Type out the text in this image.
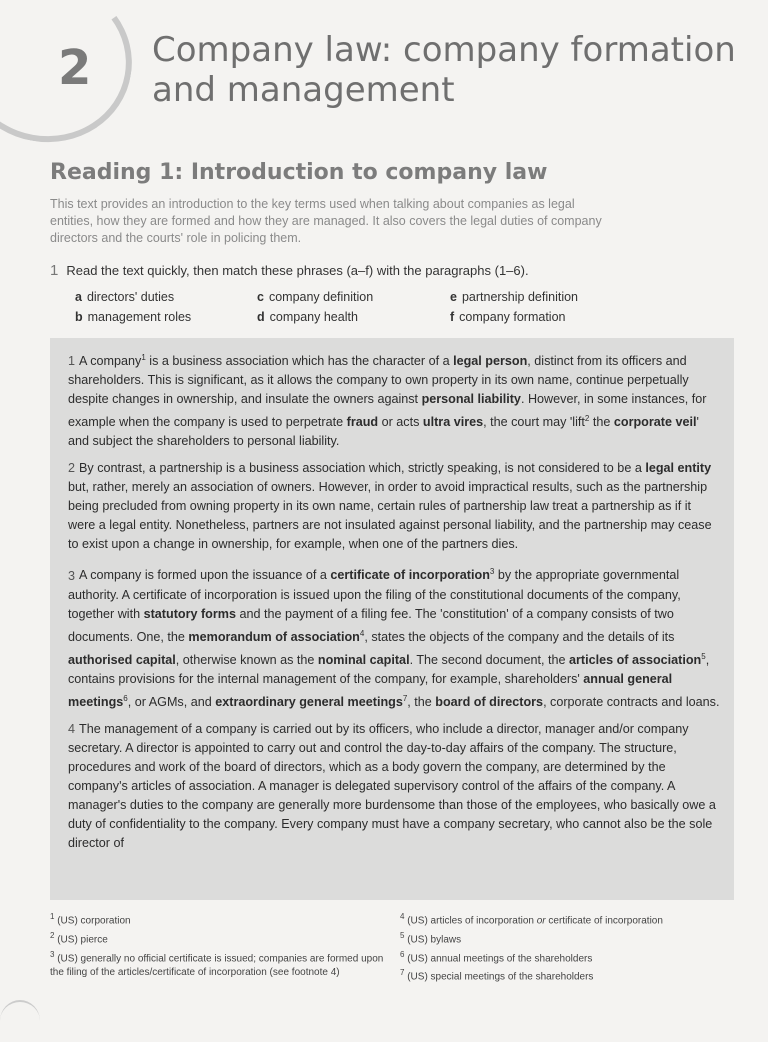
2 Company law: company formation
and management
Reading 1: Introduction to company law
This text provides an introduction to the key terms used when talking about companies as legal entities, how they are formed and how they are managed. It also covers the legal duties of company directors and the courts' role in policing them.
1 Read the text quickly, then match these phrases (a–f) with the paragraphs (1–6).
a directors' duties
b management roles
c company definition
d company health
e partnership definition
f company formation
1 A company$^1$ is a business association which has the character of a legal person, distinct from its officers and shareholders. This is significant, as it allows the company to own property in its own name, continue perpetually despite changes in ownership, and insulate the owners against personal liability. However, in some instances, for example when the company is used to perpetrate fraud or acts ultra vires, the court may 'lift$^2$ the corporate veil' and subject the shareholders to personal liability.
2 By contrast, a partnership is a business association which, strictly speaking, is not considered to be a legal entity but, rather, merely an association of owners. However, in order to avoid impractical results, such as the partnership being precluded from owning property in its own name, certain rules of partnership law treat a partnership as if it were a legal entity. Nonetheless, partners are not insulated against personal liability, and the partnership may cease to exist upon a change in ownership, for example, when one of the partners dies.
3 A company is formed upon the issuance of a certificate of incorporation$^3$ by the appropriate governmental authority. A certificate of incorporation is issued upon the filing of the constitutional documents of the company, together with statutory forms and the payment of a filing fee. The 'constitution' of a company consists of two documents. One, the memorandum of association$^4$, states the objects of the company and the details of its authorised capital, otherwise known as the nominal capital. The second document, the articles of association$^5$, contains provisions for the internal management of the company, for example, shareholders' annual general meetings$^6$, or AGMs, and extraordinary general meetings$^7$, the board of directors, corporate contracts and loans.
4 The management of a company is carried out by its officers, who include a director, manager and/or company secretary. A director is appointed to carry out and control the day-to-day affairs of the company. The structure, procedures and work of the board of directors, which as a body govern the company, are determined by the company's articles of association. A manager is delegated supervisory control of the affairs of the company. A manager's duties to the company are generally more burdensome than those of the employees, who basically owe a duty of confidentiality to the company. Every company must have a company secretary, who cannot also be the sole director of
$^1$ (US) corporation
$^2$ (US) pierce
$^3$ (US) generally no official certificate is issued; companies are formed upon the filing of the articles/certificate of incorporation (see footnote 4)
$^4$ (US) articles of incorporation or certificate of incorporation
$^5$ (US) bylaws
$^6$ (US) annual meetings of the shareholders
$^7$ (US) special meetings of the shareholders
